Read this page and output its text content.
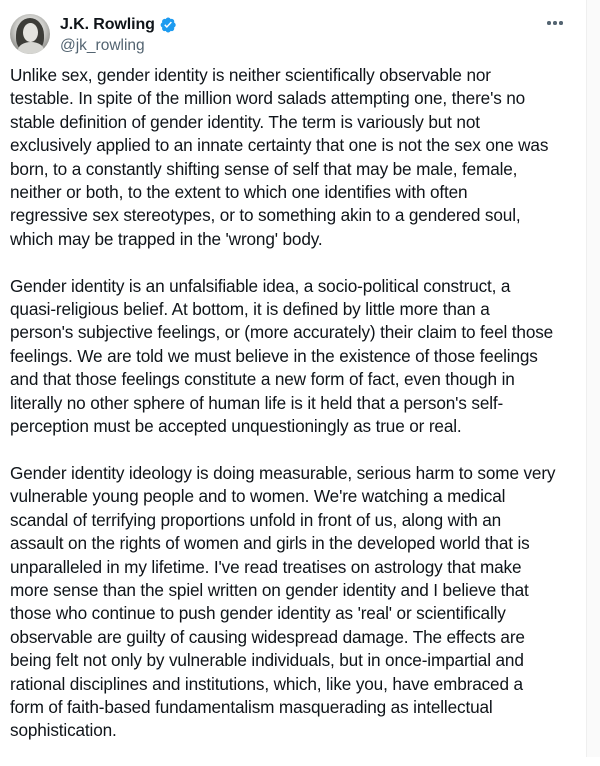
J.K. Rowling
@jk_rowling

Unlike sex, gender identity is neither scientifically observable nor
testable. In spite of the million word salads attempting one, there's no
stable definition of gender identity. The term is variously but not
exclusively applied to an innate certainty that one is not the sex one was
born, to a constantly shifting sense of self that may be male, female,
neither or both, to the extent to which one identifies with often
regressive sex stereotypes, or to something akin to a gendered soul,
which may be trapped in the 'wrong' body.

Gender identity is an unfalsifiable idea, a socio-political construct, a
quasi-religious belief. At bottom, it is defined by little more than a
person's subjective feelings, or (more accurately) their claim to feel those
feelings. We are told we must believe in the existence of those feelings
and that those feelings constitute a new form of fact, even though in
literally no other sphere of human life is it held that a person's self-
perception must be accepted unquestioningly as true or real.

Gender identity ideology is doing measurable, serious harm to some very
vulnerable young people and to women. We're watching a medical
scandal of terrifying proportions unfold in front of us, along with an
assault on the rights of women and girls in the developed world that is
unparalleled in my lifetime. I've read treatises on astrology that make
more sense than the spiel written on gender identity and I believe that
those who continue to push gender identity as 'real' or scientifically
observable are guilty of causing widespread damage. The effects are
being felt not only by vulnerable individuals, but in once-impartial and
rational disciplines and institutions, which, like you, have embraced a
form of faith-based fundamentalism masquerading as intellectual
sophistication.
